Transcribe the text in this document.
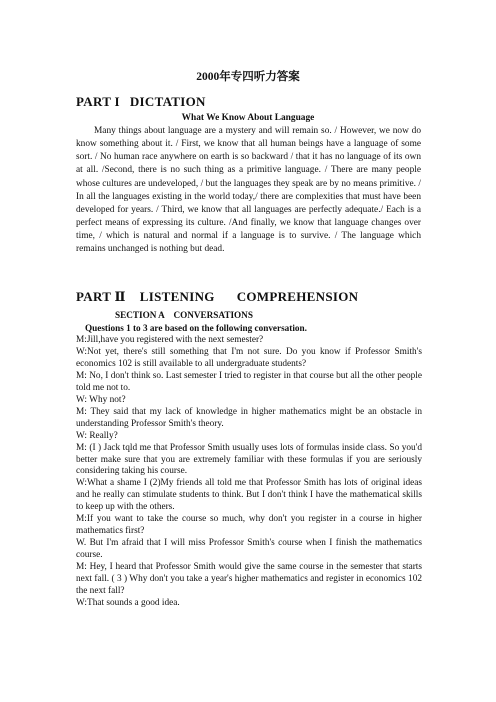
2000年专四听力答案
PART I DICTATION
What We Know About Language

Many things about language are a mystery and will remain so. / However, we now do know something about it. / First, we know that all human beings have a language of some sort. / No human race anywhere on earth is so backward / that it has no language of its own at all. /Second, there is no such thing as a primitive language. / There are many people whose cultures are undeveloped, / but the languages they speak are by no means primitive. / In all the languages existing in the world today,/ there are complexities that must have been developed for years. / Third, we know that all languages are perfectly adequate./ Each is a perfect means of expressing its culture. /And finally, we know that language changes over time, / which is natural and normal if a language is to survive. / The language which remains unchanged is nothing but dead.

PART Ⅱ LISTENING COMPREHENSION
SECTION A    CONVERSATIONS
Questions 1 to 3 are based on the following conversation.

M:Jill,have you registered with the next semester?

W:Not yet, there's still something that I'm not sure. Do you know if Professor Smith's economics 102 is still available to all undergraduate students?

M: No, I don't think so. Last semester I tried to register in that course but all the other people told me not to.

W: Why not?

M: They said that my lack of knowledge in higher mathematics might be an obstacle in understanding Professor Smith's theory.

W: Really?

M: (I ) Jack tqld me that Professor Smith usually uses lots of formulas inside class. So you'd better make sure that you are extremely familiar with these formulas if you are seriously considering taking his course.

W:What a shame I (2)My friends all told me that Professor Smith has lots of original ideas and he really can stimulate students to think. But I don't think I have the mathematical skills to keep up with the others.

M:If you want to take the course so much, why don't you register in a course in higher mathematics first?

W. But I'm afraid that I will miss Professor Smith's course when I finish the mathematics course.

M: Hey, I heard that Professor Smith would give the same course in the semester that starts next fall. ( 3 ) Why don't you take a year's higher mathematics and register in economics 102 the next fall?

W:That sounds a good idea.
